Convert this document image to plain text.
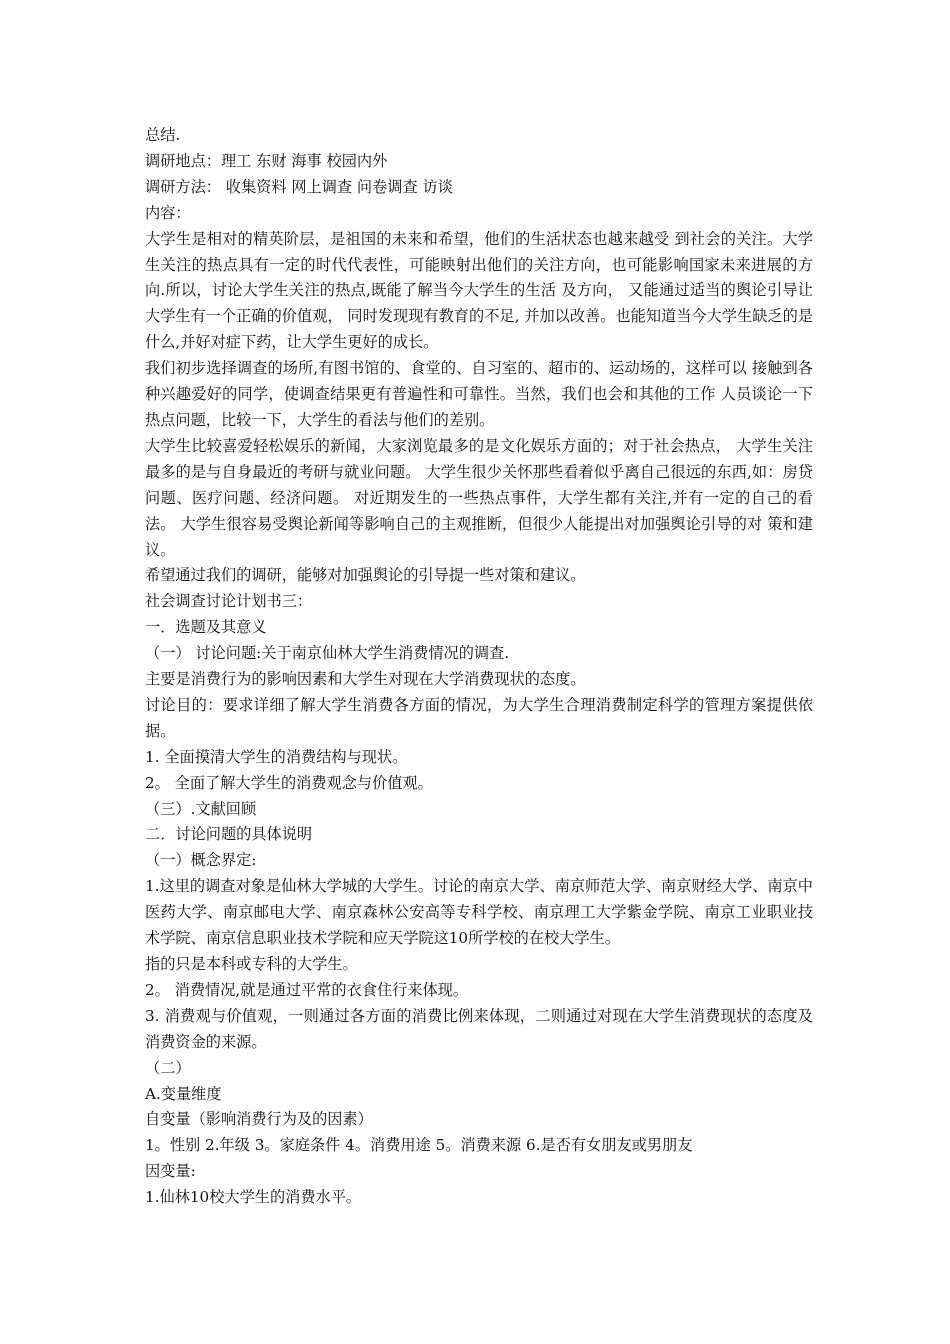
总结.

调研地点：理工 东财 海事 校园内外

调研方法： 收集资料 网上调查 问卷调查 访谈

内容：

大学生是相对的精英阶层，是祖国的未来和希望，他们的生活状态也越来越受 到社会的关注。大学生关注的热点具有一定的时代代表性，可能映射出他们的关注方向，也可能影响国家未来进展的方向.所以，讨论大学生关注的热点,既能了解当今大学生的生活 及方向， 又能通过适当的舆论引导让大学生有一个正确的价值观， 同时发现现有教育的不足, 并加以改善。也能知道当今大学生缺乏的是什么,并好对症下药，让大学生更好的成长。

我们初步选择调查的场所,有图书馆的、食堂的、自习室的、超市的、运动场的，这样可以 接触到各种兴趣爱好的同学，使调查结果更有普遍性和可靠性。当然，我们也会和其他的工作 人员谈论一下热点问题，比较一下，大学生的看法与他们的差别。

大学生比较喜爱轻松娱乐的新闻，大家浏览最多的是文化娱乐方面的；对于社会热点， 大学生关注最多的是与自身最近的考研与就业问题。 大学生很少关怀那些看着似乎离自己很远的东西,如：房贷问题、医疗问题、经济问题。 对近期发生的一些热点事件，大学生都有关注,并有一定的自己的看法。 大学生很容易受舆论新闻等影响自己的主观推断，但很少人能提出对加强舆论引导的对 策和建议。

希望通过我们的调研，能够对加强舆论的引导提一些对策和建议。

社会调查讨论计划书三：

一．选题及其意义

（一） 讨论问题:关于南京仙林大学生消费情况的调查.

主要是消费行为的影响因素和大学生对现在大学消费现状的态度。

讨论目的：要求详细了解大学生消费各方面的情况，为大学生合理消费制定科学的管理方案提供依据。

1. 全面摸清大学生的消费结构与现状。

2。 全面了解大学生的消费观念与价值观。

（三）.文献回顾

二．讨论问题的具体说明

（一）概念界定:

1.这里的调查对象是仙林大学城的大学生。讨论的南京大学、南京师范大学、南京财经大学、南京中医药大学、南京邮电大学、南京森林公安高等专科学校、南京理工大学紫金学院、南京工业职业技术学院、南京信息职业技术学院和应天学院这10所学校的在校大学生。

指的只是本科或专科的大学生。

2。 消费情况,就是通过平常的衣食住行来体现。

3. 消费观与价值观，一则通过各方面的消费比例来体现，二则通过对现在大学生消费现状的态度及消费资金的来源。

（二）

A.变量维度

自变量（影响消费行为及的因素）

1。性别 2.年级 3。家庭条件 4。消费用途 5。消费来源 6.是否有女朋友或男朋友

因变量:

1.仙林10校大学生的消费水平。
